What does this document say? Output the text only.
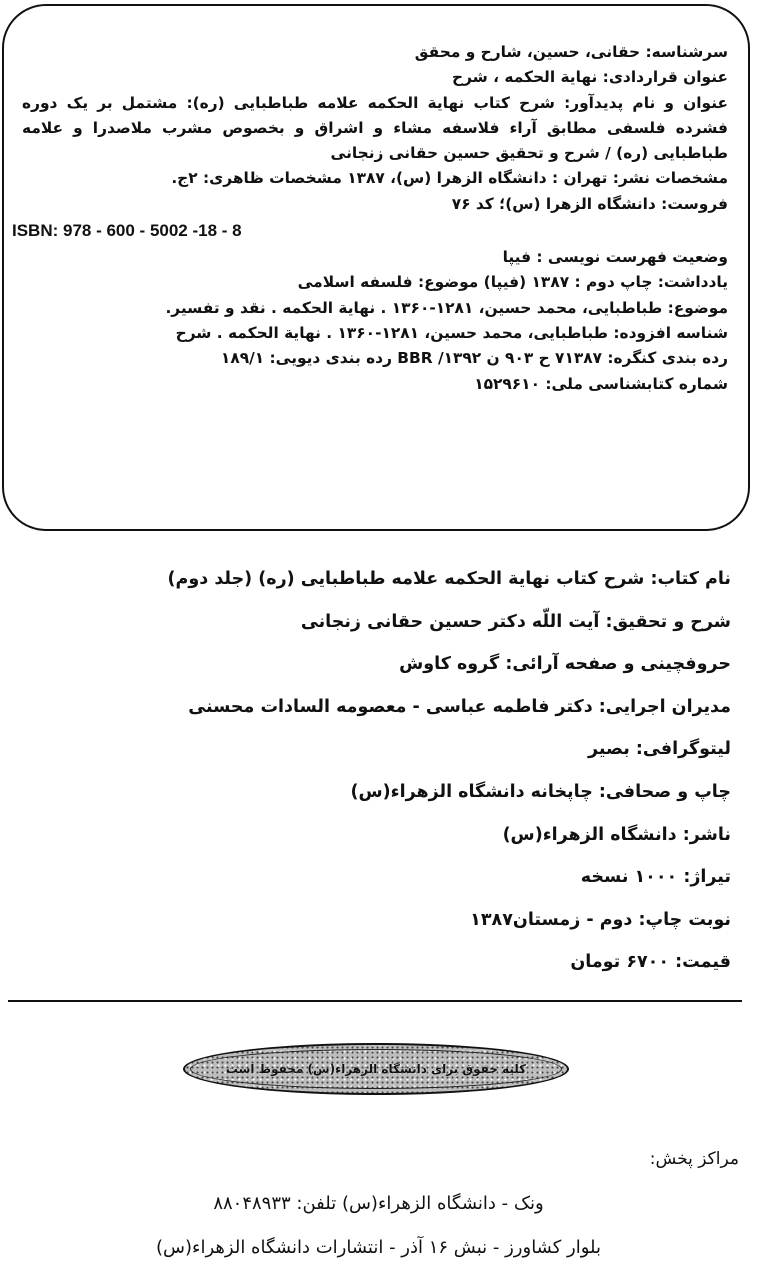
سرشناسه: حقانی، حسین، شارح و محقق
عنوان قراردادی: نهایة الحکمه ، شرح
عنوان و نام پدیدآور: شرح کتاب نهایة الحکمه علامه طباطبایی (ره): مشتمل بر یک دوره
فشرده فلسفی مطابق آراء فلاسفه مشاء و اشراق و بخصوص مشرب ملاصدرا و علامه
طباطبایی (ره) / شرح و تحقیق حسین حقانی زنجانی
مشخصات نشر: تهران : دانشگاه الزهرا (س)، ۱۳۸۷ مشخصات ظاهری: ۲ج.
فروست: دانشگاه الزهرا (س)؛ کد ۷۶
ISBN: 978 - 600 - 5002 -18 - 8
وضعیت فهرست نویسی : فیپا
یادداشت: چاپ دوم : ۱۳۸۷ (فیپا) موضوع: فلسفه اسلامی
موضوع: طباطبایی، محمد حسین، ۱۲۸۱-۱۳۶۰ . نهایة الحکمه . نقد و تفسیر.
شناسه افزوده: طباطبایی، محمد حسین، ۱۲۸۱-۱۳۶۰ . نهایة الحکمه . شرح
رده بندی کنگره: ۷۱۳۸۷ ح ۹۰۳ ن ۱۳۹۲/ BBR رده بندی دیویی: ۱۸۹/۱
شماره کتابشناسی ملی: ۱۵۲۹۶۱۰
نام کتاب: شرح کتاب نهایة الحکمه علامه طباطبایی (ره) (جلد دوم)
شرح و تحقیق: آیت اللّه دکتر حسین حقانی زنجانی
حروفچینی و صفحه آرائی: گروه کاوش
مدیران اجرایی: دکتر فاطمه عباسی - معصومه السادات محسنی
لیتوگرافی: بصیر
چاپ و صحافی: چاپخانه دانشگاه الزهراء(س)
ناشر: دانشگاه الزهراء(س)
تیراژ: ۱۰۰۰ نسخه
نوبت چاپ: دوم - زمستان۱۳۸۷
قیمت: ۶۷۰۰ تومان
کلیه حقوق برای دانشگاه الزهراء(س) محفوظ است
مراکز پخش:
ونک - دانشگاه الزهراء(س) تلفن: ۸۸۰۴۸۹۳۳
بلوار کشاورز - نبش ۱۶ آذر - انتشارات دانشگاه الزهراء(س)
